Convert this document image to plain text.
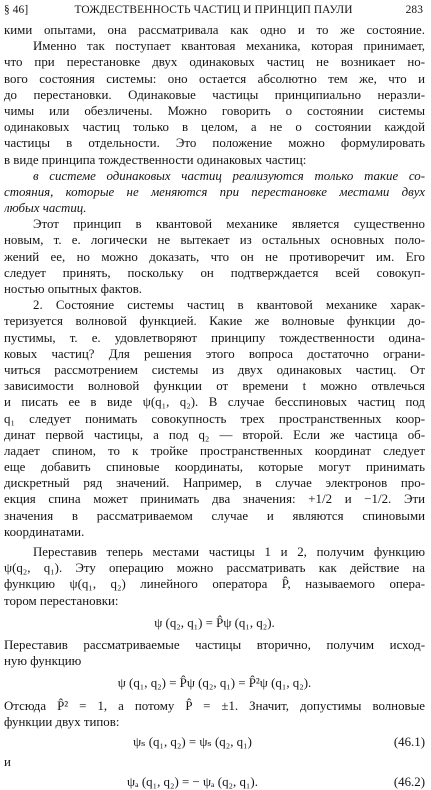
§ 46]	ТОЖДЕСТВЕННОСТЬ ЧАСТИЦ И ПРИНЦИП ПАУЛИ	283
кими опытами, она рассматривала как одно и то же состояние.
Именно так поступает квантовая механика, которая принимает,
что при перестановке двух одинаковых частиц не возникает но-
вого состояния системы: оно остается абсолютно тем же, что и
до перестановки. Одинаковые частицы принципиально неразли-
чимы или обезличены. Можно говорить о состоянии системы
одинаковых частиц только в целом, а не о состоянии каждой
частицы в отдельности. Это положение можно формулировать
в виде принципа тождественности одинаковых частиц:
в системе одинаковых частиц реализуются только такие со-
стояния, которые не меняются при перестановке местами двух
любых частиц.
Этот принцип в квантовой механике является существенно
новым, т. е. логически не вытекает из остальных основных поло-
жений ее, но можно доказать, что он не противоречит им. Его
следует принять, поскольку он подтверждается всей совокуп-
ностью опытных фактов.
2. Состояние системы частиц в квантовой механике харак-
теризуется волновой функцией. Какие же волновые функции до-
пустимы, т. е. удовлетворяют принципу тождественности одина-
ковых частиц? Для решения этого вопроса достаточно ограни-
читься рассмотрением системы из двух одинаковых частиц. От
зависимости волновой функции от времени t можно отвлечься
и писать ее в виде ψ(q₁, q₂). В случае бесспиновых частиц под
q₁ следует понимать совокупность трех пространственных коор-
динат первой частицы, а под q₂ — второй. Если же частица об-
ладает спином, то к тройке пространственных координат следует
еще добавить спиновые координаты, которые могут принимать
дискретный ряд значений. Например, в случае электронов про-
екция спина может принимать два значения: +1/2 и −1/2. Эти
значения в рассматриваемом случае и являются спиновыми
координатами.
Переставив теперь местами частицы 1 и 2, получим функцию
ψ(q₂, q₁). Эту операцию можно рассматривать как действие на
функцию ψ(q₁, q₂) линейного оператора P̂, называемого опера-
тором перестановки:
ψ (q₂, q₁) = P̂ψ (q₁, q₂).
Переставив рассматриваемые частицы вторично, получим исход-
ную функцию
ψ (q₁, q₂) = P̂ψ (q₂, q₁) = P̂²ψ (q₁, q₂).
Отсюда P̂² = 1, а потому P̂ = ±1. Значит, допустимы волновые
функции двух типов:
ψₛ (q₁, q₂) = ψₛ (q₂, q₁)	(46.1)
и
ψₐ (q₁, q₂) = − ψₐ (q₂, q₁).	(46.2)
